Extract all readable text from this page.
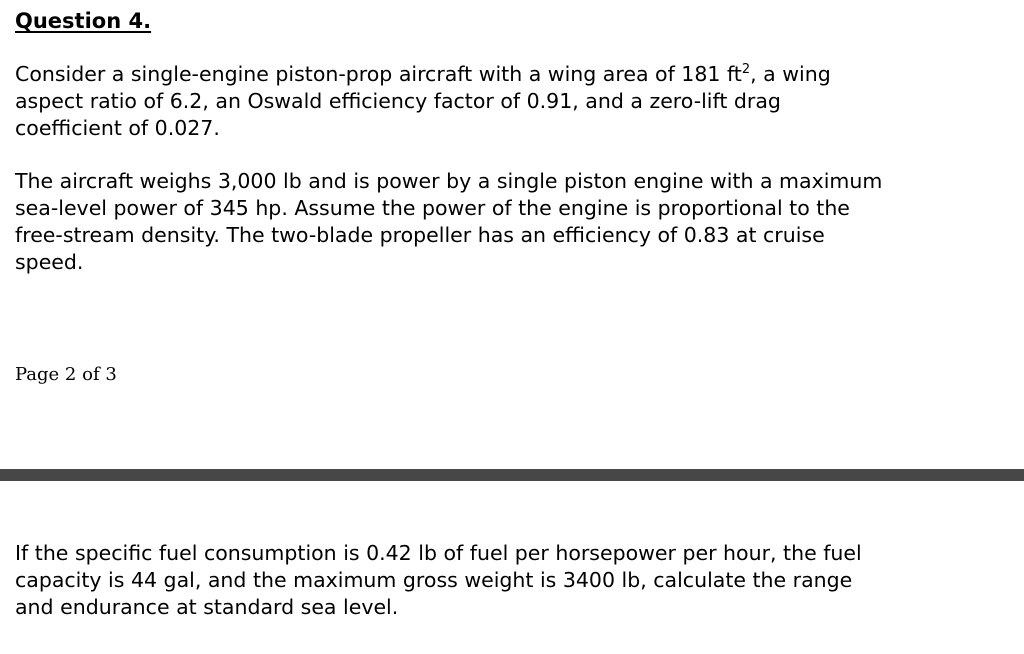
Question 4.

Consider a single-engine piston-prop aircraft with a wing area of 181 $ft^2$, a wing
aspect ratio of 6.2, an Oswald efficiency factor of 0.91, and a zero-lift drag
coefficient of 0.027.

The aircraft weighs 3,000 lb and is power by a single piston engine with a maximum
sea-level power of 345 hp. Assume the power of the engine is proportional to the
free-stream density. The two-blade propeller has an efficiency of 0.83 at cruise
speed.

Page 2 of 3

If the specific fuel consumption is 0.42 lb of fuel per horsepower per hour, the fuel
capacity is 44 gal, and the maximum gross weight is 3400 lb, calculate the range
and endurance at standard sea level.
